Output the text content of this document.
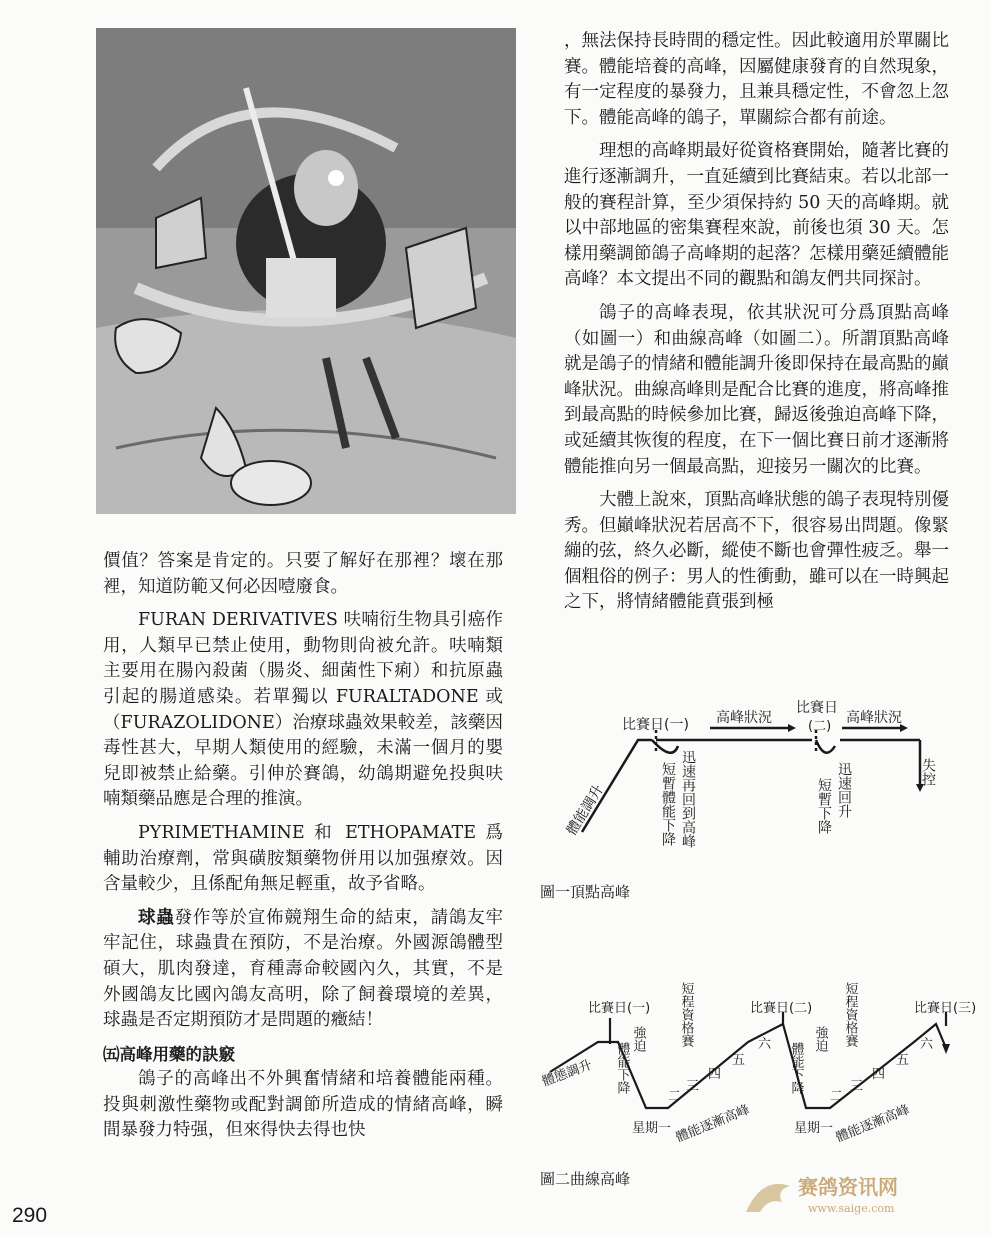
價值？答案是肯定的。只要了解好在那裡？壞在那裡，知道防範又何必因噎廢食。

FURAN DERIVATIVES 呋喃衍生物具引癌作用，人類早已禁止使用，動物則尙被允許。呋喃類主要用在腸內殺菌（腸炎、細菌性下痢）和抗原蟲引起的腸道感染。若單獨以 FURALTADONE 或（FURAZOLIDONE）治療球蟲效果較差，該藥因毒性甚大，早期人類使用的經驗，未滿一個月的嬰兒即被禁止給藥。引伸於賽鴿，幼鴿期避免投與呋喃類藥品應是合理的推演。

PYRIMETHAMINE 和 ETHOPAMATE 爲輔助治療劑，常與磺胺類藥物併用以加强療效。因含量較少，且係配角無足輕重，故予省略。

球蟲發作等於宣佈競翔生命的結束，請鴿友牢牢記住，球蟲貴在預防，不是治療。外國源鴿體型碩大，肌肉發達，育種壽命較國內久，其實，不是外國鴿友比國內鴿友高明，除了飼養環境的差異，球蟲是否定期預防才是問題的癥結！

㈤高峰用藥的訣竅

鴿子的高峰出不外興奮情緒和培養體能兩種。投與刺激性藥物或配對調節所造成的情緒高峰，瞬間暴發力特强，但來得快去得也快

，無法保持長時間的穩定性。因此較適用於單關比賽。體能培養的高峰，因屬健康發育的自然現象，有一定程度的暴發力，且兼具穩定性，不會忽上忽下。體能高峰的鴿子，單關綜合都有前途。

理想的高峰期最好從資格賽開始，隨著比賽的進行逐漸調升，一直延續到比賽結束。若以北部一般的賽程計算，至少須保持約 50 天的高峰期。就以中部地區的密集賽程來說，前後也須 30 天。怎樣用藥調節鴿子高峰期的起落？怎樣用藥延續體能高峰？本文提出不同的觀點和鴿友們共同探討。

鴿子的高峰表現，依其狀況可分爲頂點高峰（如圖一）和曲線高峰（如圖二）。所謂頂點高峰就是鴿子的情緒和體能調升後即保持在最高點的巓峰狀況。曲線高峰則是配合比賽的進度，將高峰推到最高點的時候參加比賽，歸返後強迫高峰下降，或延續其恢復的程度，在下一個比賽日前才逐漸將體能推向另一個最高點，迎接另一關次的比賽。

大體上說來，頂點高峰狀態的鴿子表現特別優秀。但巓峰狀況若居高不下，很容易出問題。像緊繃的弦，終久必斷，縱使不斷也會彈性疲乏。舉一個粗俗的例子：男人的性衝動，雖可以在一時興起之下，將情緒體能賁張到極

比賽日(一) 高峰狀況
比賽日
(二)
高峰狀況
失控
體能調升	短暫體能下降 迅速再回到高峰	短暫下降 迅速回升
圖一頂點高峰
比賽日(一)	比賽日(二)	比賽日(三)
體態調升
強迫
體能下降
短程資格賽	強迫
體能下降
短程資格賽
星期一	星期一
體能逐漸高峰	體能逐漸高峰
二
三
四
五
六
二
三
四
五
六
圖二曲線高峰
290
赛鸽资讯网
www.saige.com
